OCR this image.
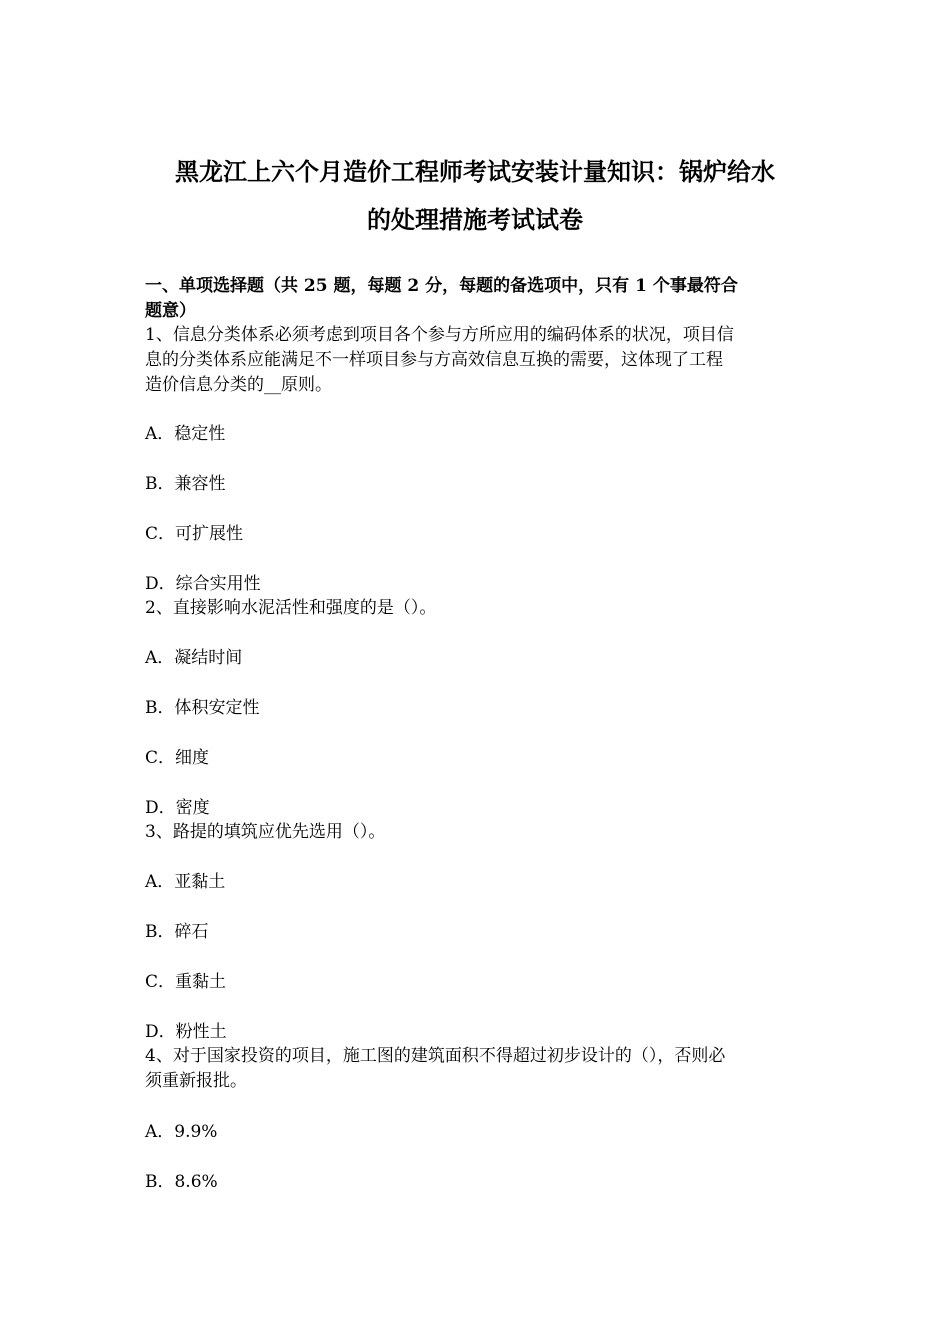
黑龙江上六个月造价工程师考试安装计量知识：锅炉给水

的处理措施考试试卷

一、单项选择题（共 25 题，每题 2 分，每题的备选项中，只有 1 个事最符合

题意）

1、信息分类体系必须考虑到项目各个参与方所应用的编码体系的状况，项目信

息的分类体系应能满足不一样项目参与方高效信息互换的需要，这体现了工程

造价信息分类的__原则。

A．稳定性

B．兼容性

C．可扩展性

D．综合实用性

2、直接影响水泥活性和强度的是（）。

A．凝结时间

B．体积安定性

C．细度

D．密度

3、路提的填筑应优先选用（）。

A．亚黏土

B．碎石

C．重黏土

D．粉性土

4、对于国家投资的项目，施工图的建筑面积不得超过初步设计的（），否则必

须重新报批。

A．9.9%

B．8.6%
